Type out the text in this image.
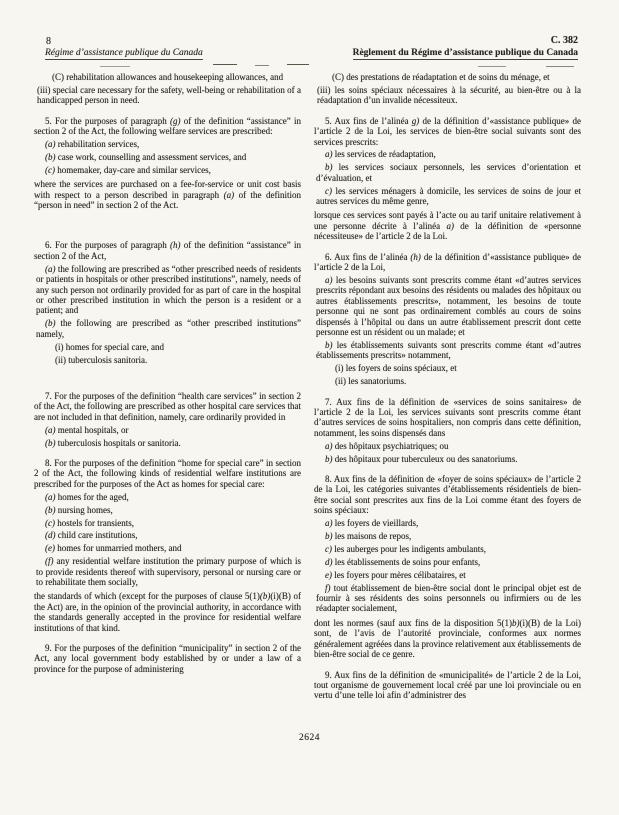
8	C. 382
Régime d’assistance publique du Canada	Règlement du Régime d’assistance publique du Canada
(C) rehabilitation allowances and housekeeping allowances, and
(iii) special care necessary for the safety, well-being or rehabilitation of a handicapped person in need.
5. For the purposes of paragraph (g) of the definition “assistance” in section 2 of the Act, the following welfare services are prescribed:
(a) rehabilitation services,
(b) case work, counselling and assessment services, and
(c) homemaker, day-care and similar services,
where the services are purchased on a fee-for-service or unit cost basis with respect to a person described in paragraph (a) of the definition “person in need” in section 2 of the Act.
6. For the purposes of paragraph (h) of the definition “assistance” in section 2 of the Act,
(a) the following are prescribed as “other prescribed needs of residents or patients in hospitals or other prescribed institutions”, namely, needs of any such person not ordinarily provided for as part of care in the hospital or other prescribed institution in which the person is a resident or a patient; and
(b) the following are prescribed as “other prescribed institutions” namely,
(i) homes for special care, and
(ii) tuberculosis sanitoria.
7. For the purposes of the definition “health care services” in section 2 of the Act, the following are prescribed as other hospital care services that are not included in that definition, namely, care ordinarily provided in
(a) mental hospitals, or
(b) tuberculosis hospitals or sanitoria.
8. For the purposes of the definition “home for special care” in section 2 of the Act, the following kinds of residential welfare institutions are prescribed for the purposes of the Act as homes for special care:
(a) homes for the aged,
(b) nursing homes,
(c) hostels for transients,
(d) child care institutions,
(e) homes for unmarried mothers, and
(f) any residential welfare institution the primary purpose of which is to provide residents thereof with supervisory, personal or nursing care or to rehabilitate them socially,
the standards of which (except for the purposes of clause 5(1)(b)(i)(B) of the Act) are, in the opinion of the provincial authority, in accordance with the standards generally accepted in the province for residential welfare institutions of that kind.
9. For the purposes of the definition “municipality” in section 2 of the Act, any local government body established by or under a law of a province for the purpose of administering
(C) des prestations de réadaptation et de soins du ménage, et
(iii) les soins spéciaux nécessaires à la sécurité, au bien-être ou à la réadaptation d’un invalide nécessiteux.
5. Aux fins de l’alinéa g) de la définition d’«assistance publique» de l’article 2 de la Loi, les services de bien-être social suivants sont des services prescrits:
a) les services de réadaptation,
b) les services sociaux personnels, les services d’orientation et d’évaluation, et
c) les services ménagers à domicile, les services de soins de jour et autres services du même genre,
lorsque ces services sont payés à l’acte ou au tarif unitaire relativement à une personne décrite à l’alinéa a) de la définition de «personne nécessiteuse» de l’article 2 de la Loi.
6. Aux fins de l’alinéa (h) de la définition d’«assistance publique» de l’article 2 de la Loi,
a) les besoins suivants sont prescrits comme étant «d’autres services prescrits répondant aux besoins des résidents ou malades des hôpitaux ou autres établissements prescrits», notamment, les besoins de toute personne qui ne sont pas ordinairement comblés au cours de soins dispensés à l’hôpital ou dans un autre établissement prescrit dont cette personne est un résident ou un malade; et
b) les établissements suivants sont prescrits comme étant «d’autres établissements prescrits» notamment,
(i) les foyers de soins spéciaux, et
(ii) les sanatoriums.
7. Aux fins de la définition de «services de soins sanitaires» de l’article 2 de la Loi, les services suivants sont prescrits comme étant d’autres services de soins hospitaliers, non compris dans cette définition, notamment, les soins dispensés dans
a) des hôpitaux psychiatriques; ou
b) des hôpitaux pour tuberculeux ou des sanatoriums.
8. Aux fins de la définition de «foyer de soins spéciaux» de l’article 2 de la Loi, les catégories suivantes d’établissements résidentiels de bien-être social sont prescrites aux fins de la Loi comme étant des foyers de soins spéciaux:
a) les foyers de vieillards,
b) les maisons de repos,
c) les auberges pour les indigents ambulants,
d) les établissements de soins pour enfants,
e) les foyers pour mères célibataires, et
f) tout établissement de bien-être social dont le principal objet est de fournir à ses résidents des soins personnels ou infirmiers ou de les réadapter socialement,
dont les normes (sauf aux fins de la disposition 5(1)b)(i)(B) de la Loi) sont, de l’avis de l’autorité provinciale, conformes aux normes généralement agréées dans la province relativement aux établissements de bien-être social de ce genre.
9. Aux fins de la définition de «municipalité» de l’article 2 de la Loi, tout organisme de gouvernement local créé par une loi provinciale ou en vertu d’une telle loi afin d’administrer des
2624
